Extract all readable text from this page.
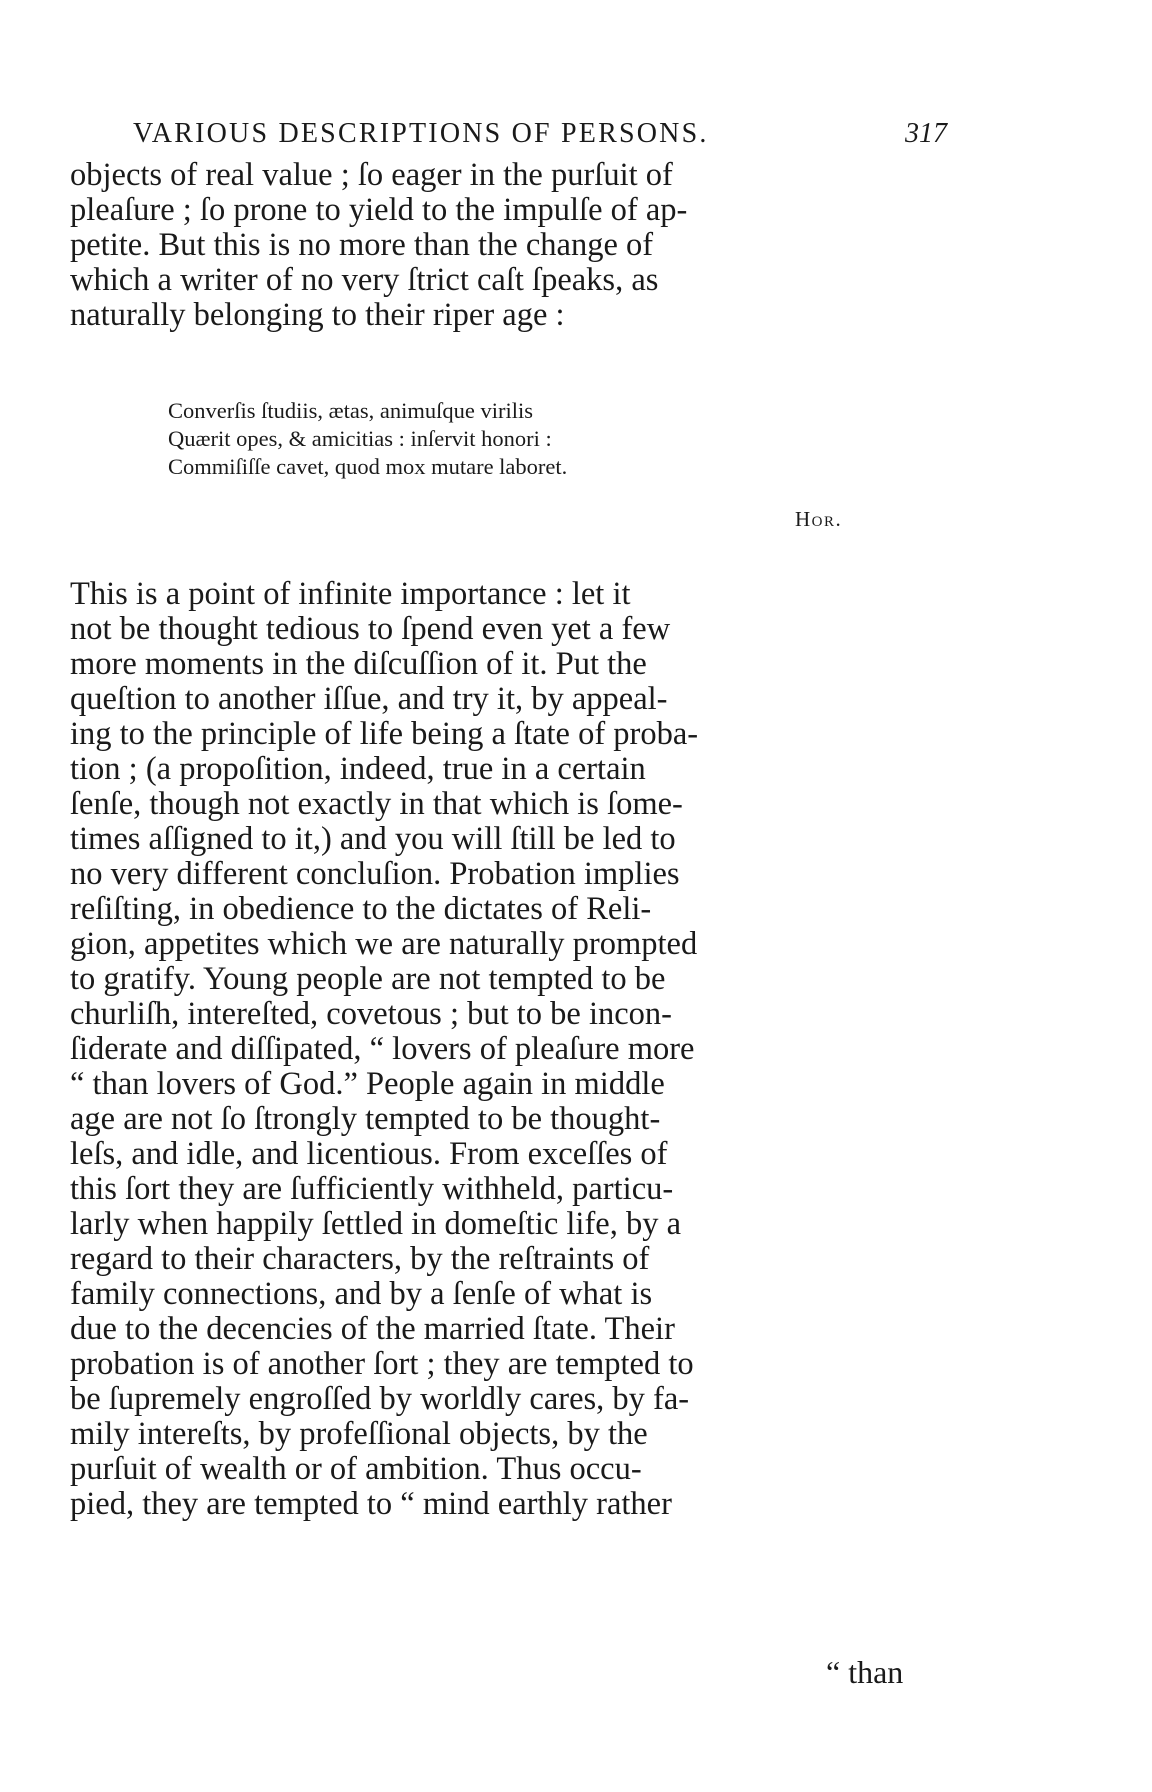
VARIOUS DESCRIPTIONS OF PERSONS.	317
objects of real value ; ſo eager in the purſuit of
pleaſure ; ſo prone to yield to the impulſe of ap-
petite. But this is no more than the change of
which a writer of no very ſtrict caſt ſpeaks, as
naturally belonging to their riper age :
Converſis ſtudiis, ætas, animuſque virilis
Quærit opes, & amicitias : inſervit honori :
Commiſiſſe cavet, quod mox mutare laboret.
Hor.
This is a point of infinite importance : let it
not be thought tedious to ſpend even yet a few
more moments in the diſcuſſion of it. Put the
queſtion to another iſſue, and try it, by appeal-
ing to the principle of life being a ſtate of proba-
tion ; (a propoſition, indeed, true in a certain
ſenſe, though not exactly in that which is ſome-
times aſſigned to it,) and you will ſtill be led to
no very different concluſion. Probation implies
reſiſting, in obedience to the dictates of Reli-
gion, appetites which we are naturally prompted
to gratify. Young people are not tempted to be
churliſh, intereſted, covetous ; but to be incon-
ſiderate and diſſipated, “ lovers of pleaſure more
“ than lovers of God.” People again in middle
age are not ſo ſtrongly tempted to be thought-
leſs, and idle, and licentious. From exceſſes of
this ſort they are ſufficiently withheld, particu-
larly when happily ſettled in domeſtic life, by a
regard to their characters, by the reſtraints of
family connections, and by a ſenſe of what is
due to the decencies of the married ſtate. Their
probation is of another ſort ; they are tempted to
be ſupremely engroſſed by worldly cares, by fa-
mily intereſts, by profeſſional objects, by the
purſuit of wealth or of ambition. Thus occu-
pied, they are tempted to “ mind earthly rather
“ than
